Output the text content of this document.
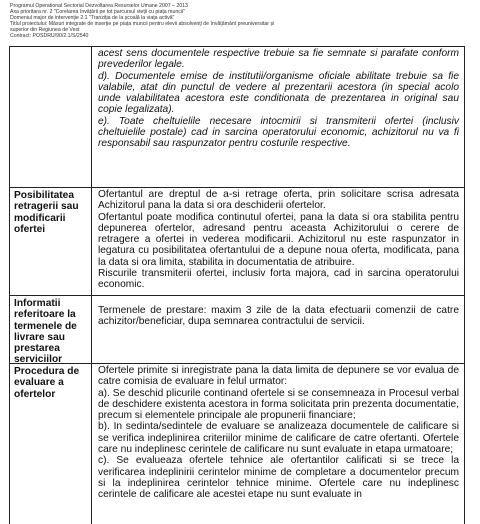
Programul Operational Sectorial Dezvoltarea Resurselor Umane 2007 – 2013
Axa prioritara nr. 2 "Corelarea învățării pe tot parcursul vieții cu piața muncii"
Domeniul major de intervenție 2.1 "Tranziția de la școală la viața activă"
Titlul proiectului: Măsuri integrate de inserție pe piața muncii pentru elevii absolvenți de învățământ preuniversitar și
superior din Regiunea de Vest
Contract: POSDRU/90/2.1/S/2540
acest sens documentele respective trebuie sa fie semnate si parafate conform prevederilor legale.
d). Documentele emise de institutii/organisme oficiale abilitate trebuie sa fie valabile, atat din punctul de vedere al prezentarii acestora (in special acolo unde valabilitatea acestora este conditionata de prezentarea in original sau copie legalizata).
e). Toate cheltuielile necesare intocmirii si transmiterii ofertei (inclusiv cheltuielile postale) cad in sarcina operatorului economic, achizitorul nu va fi responsabil sau raspunzator pentru costurile respective.
Posibilitatea retragerii sau modificarii ofertei
Ofertantul are dreptul de a-si retrage oferta, prin solicitare scrisa adresata Achizitorul pana la data si ora deschiderii ofertelor.
Ofertantul poate modifica continutul ofertei, pana la data si ora stabilita pentru depunerea ofertelor, adresand pentru aceasta Achizitorului o cerere de retragere a ofertei in vederea modificarii. Achizitorul nu este raspunzator in legatura cu posibilitatea ofertantului de a depune noua oferta, modificata, pana la data si ora limita, stabilita in documentatia de atribuire.
Riscurile transmiterii ofertei, inclusiv forta majora, cad in sarcina operatorului economic.
Informatii referitoare la termenele de livrare sau prestarea serviciilor
Termenele de prestare: maxim 3 zile de la data efectuarii comenzii de catre achizitor/beneficiar, dupa semnarea contractului de servicii.
Procedura de evaluare a ofertelor
Ofertele primite si inregistrate pana la data limita de depunere se vor evalua de catre comisia de evaluare in felul urmator:
a). Se deschid plicurile continand ofertele si se consemneaza in Procesul verbal de deschidere existenta acestora in forma solicitata prin prezenta documentatie, precum si elementele principale ale propunerii financiare;
b). In sedinta/sedintele de evaluare se analizeaza documentele de calificare si se verifica indeplinirea criteriilor minime de calificare de catre ofertanti. Ofertele care nu indeplinesc cerintele de calificare nu sunt evaluate in etapa urmatoare;
c). Se evalueaza ofertele tehnice ale ofertantilor calificati si se trece la verificarea indeplinirii cerintelor minime de completare a documentelor precum si la indeplinirea cerintelor tehnice minime. Ofertele care nu indeplinesc cerintele de calificare ale acestei etape nu sunt evaluate in
